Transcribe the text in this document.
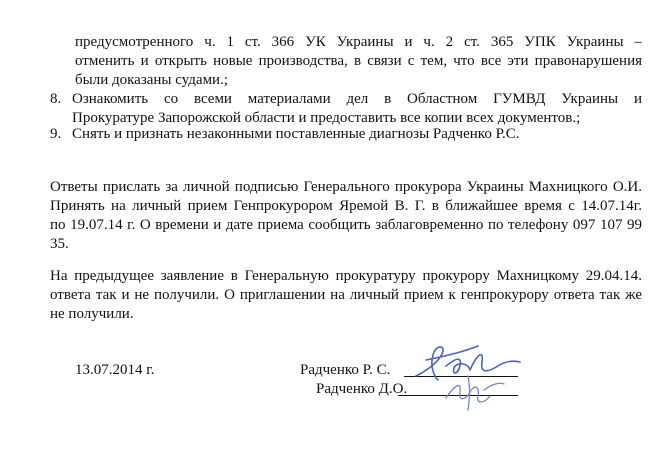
предусмотренного ч. 1 ст. 366 УК Украины и ч. 2 ст. 365 УПК Украины –
отменить и открыть новые производства, в связи с тем, что все эти правонарушения
были доказаны судами.;
8. Ознакомить со всеми материалами дел в Областном ГУМВД Украины и
Прокуратуре Запорожской области и предоставить все копии всех документов.;
9. Снять и признать незаконными поставленные диагнозы Радченко Р.С.
Ответы прислать за личной подписью Генерального прокурора Украины Махницкого О.И.
Принять на личный прием Генпрокурором Яремой В. Г. в ближайшее время с 14.07.14г.
по 19.07.14 г. О времени и дате приема сообщить заблаговременно по телефону 097 107 99
35.
На предыдущее заявление в Генеральную прокуратуру прокурору Махницкому 29.04.14.
ответа так и не получили. О приглашении на личный прием к генпрокурору ответа так же
не получили.
13.07.2014 г.	Радченко Р. С.
Радченко Д.О.
